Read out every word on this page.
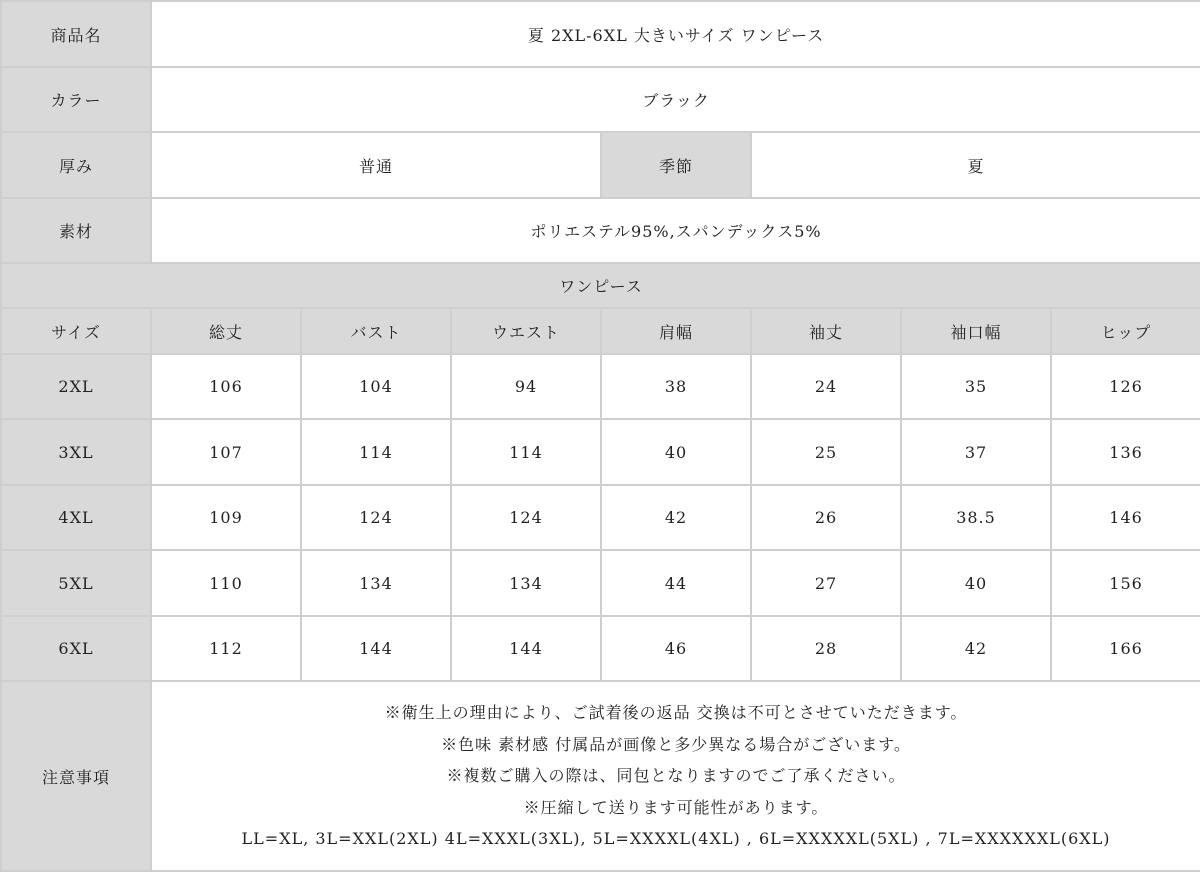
商品名	夏 2XL-6XL 大きいサイズ ワンピース						
カラー	ブラック						
厚み	普通			季節	夏		
素材	ポリエステル95%,スパンデックス5%						
ワンピース							
サイズ	総丈	バスト	ウエスト	肩幅	袖丈	袖口幅	ヒップ
2XL	106	104	94	38	24	35	126
3XL	107	114	114	40	25	37	136
4XL	109	124	124	42	26	38.5	146
5XL	110	134	134	44	27	40	156
6XL	112	144	144	46	28	42	166
注意事項	※衛生上の理由により、ご試着後の返品 交換は不可とさせていただきます。
※色味 素材感 付属品が画像と多少異なる場合がございます。
※複数ご購入の際は、同包となりますのでご了承ください。
※圧縮して送ります可能性があります。
LL=XL, 3L=XXL(2XL) 4L=XXXL(3XL), 5L=XXXXL(4XL) , 6L=XXXXXL(5XL) , 7L=XXXXXXL(6XL)						
